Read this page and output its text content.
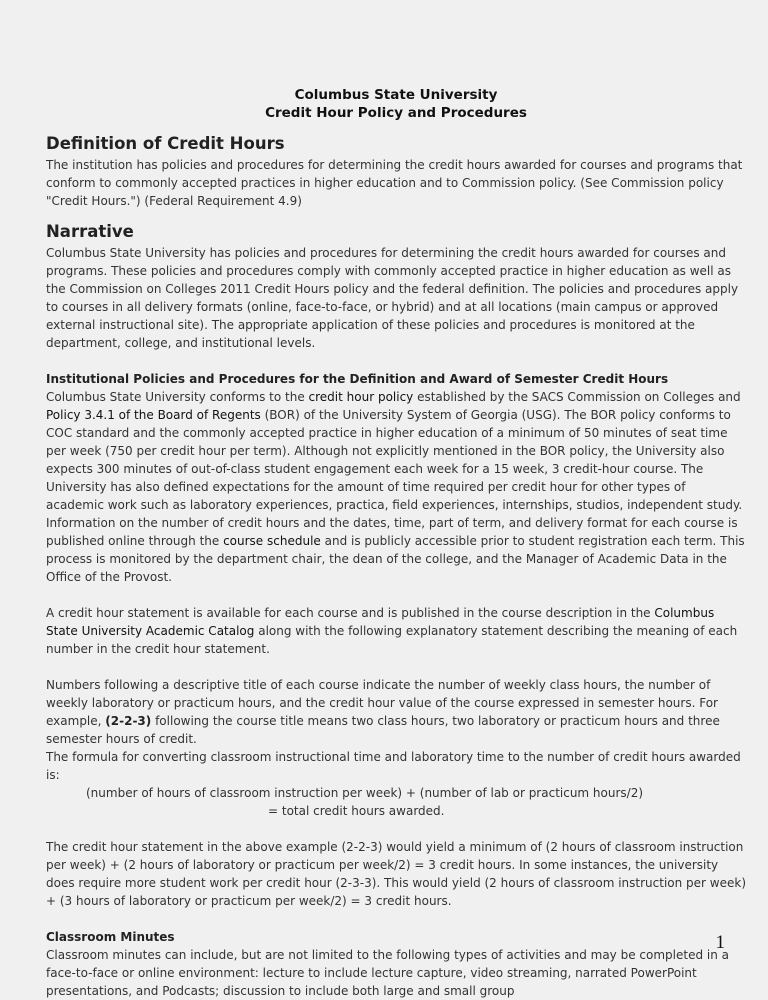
Columbus State University

Credit Hour Policy and Procedures

Definition of Credit Hours

The institution has policies and procedures for determining the credit hours awarded for courses and programs that conform to commonly accepted practices in higher education and to Commission policy. (See Commission policy "Credit Hours.") (Federal Requirement 4.9)

Narrative

Columbus State University has policies and procedures for determining the credit hours awarded for courses and programs. These policies and procedures comply with commonly accepted practice in higher education as well as the Commission on Colleges 2011 Credit Hours policy and the federal definition. The policies and procedures apply to courses in all delivery formats (online, face-to-face, or hybrid) and at all locations (main campus or approved external instructional site). The appropriate application of these policies and procedures is monitored at the department, college, and institutional levels.

Institutional Policies and Procedures for the Definition and Award of Semester Credit Hours

Columbus State University conforms to the credit hour policy established by the SACS Commission on Colleges and Policy 3.4.1 of the Board of Regents (BOR) of the University System of Georgia (USG). The BOR policy conforms to COC standard and the commonly accepted practice in higher education of a minimum of 50 minutes of seat time per week (750 per credit hour per term). Although not explicitly mentioned in the BOR policy, the University also expects 300 minutes of out-of-class student engagement each week for a 15 week, 3 credit-hour course. The University has also defined expectations for the amount of time required per credit hour for other types of academic work such as laboratory experiences, practica, field experiences, internships, studios, independent study.

Information on the number of credit hours and the dates, time, part of term, and delivery format for each course is published online through the course schedule and is publicly accessible prior to student registration each term. This process is monitored by the department chair, the dean of the college, and the Manager of Academic Data in the Office of the Provost.

A credit hour statement is available for each course and is published in the course description in the Columbus State University Academic Catalog along with the following explanatory statement describing the meaning of each number in the credit hour statement.

Numbers following a descriptive title of each course indicate the number of weekly class hours, the number of weekly laboratory or practicum hours, and the credit hour value of the course expressed in semester hours. For example, (2-2-3) following the course title means two class hours, two laboratory or practicum hours and three semester hours of credit.

The formula for converting classroom instructional time and laboratory time to the number of credit hours awarded is:

(number of hours of classroom instruction per week) + (number of lab or practicum hours/2)

= total credit hours awarded.

The credit hour statement in the above example (2-2-3) would yield a minimum of (2 hours of classroom instruction per week) + (2 hours of laboratory or practicum per week/2) = 3 credit hours. In some instances, the university does require more student work per credit hour (2-3-3). This would yield (2 hours of classroom instruction per week) + (3 hours of laboratory or practicum per week/2) = 3 credit hours.

Classroom Minutes

Classroom minutes can include, but are not limited to the following types of activities and may be completed in a face-to-face or online environment: lecture to include lecture capture, video streaming, narrated PowerPoint presentations, and Podcasts; discussion to include both large and small group

1
